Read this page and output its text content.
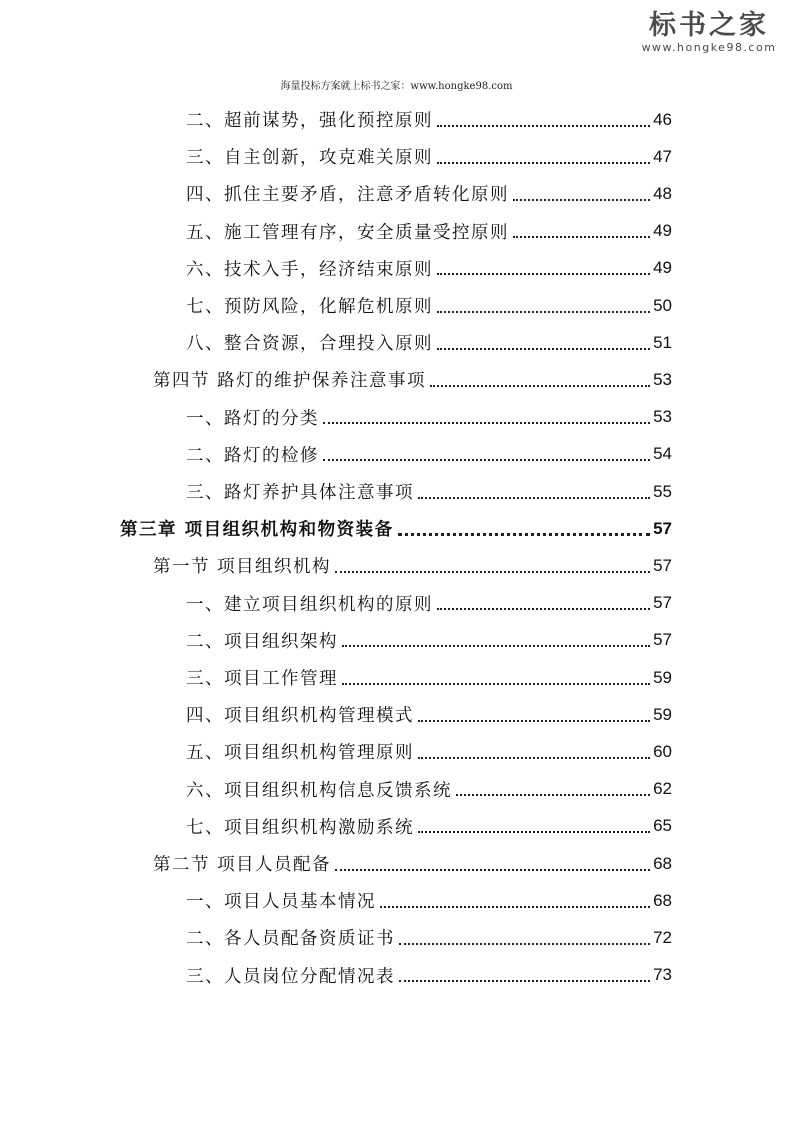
标书之家
www.hongke98.com
海量投标方案就上标书之家：www.hongke98.com
二、超前谋势，强化预控原则	46
三、自主创新，攻克难关原则	47
四、抓住主要矛盾，注意矛盾转化原则	48
五、施工管理有序，安全质量受控原则	49
六、技术入手，经济结束原则	49
七、预防风险，化解危机原则	50
八、整合资源，合理投入原则	51
第四节 路灯的维护保养注意事项	53
一、路灯的分类	53
二、路灯的检修	54
三、路灯养护具体注意事项	55
第三章 项目组织机构和物资装备	57
第一节 项目组织机构	57
一、建立项目组织机构的原则	57
二、项目组织架构	57
三、项目工作管理	59
四、项目组织机构管理模式	59
五、项目组织机构管理原则	60
六、项目组织机构信息反馈系统	62
七、项目组织机构激励系统	65
第二节 项目人员配备	68
一、项目人员基本情况	68
二、各人员配备资质证书	72
三、人员岗位分配情况表	73
